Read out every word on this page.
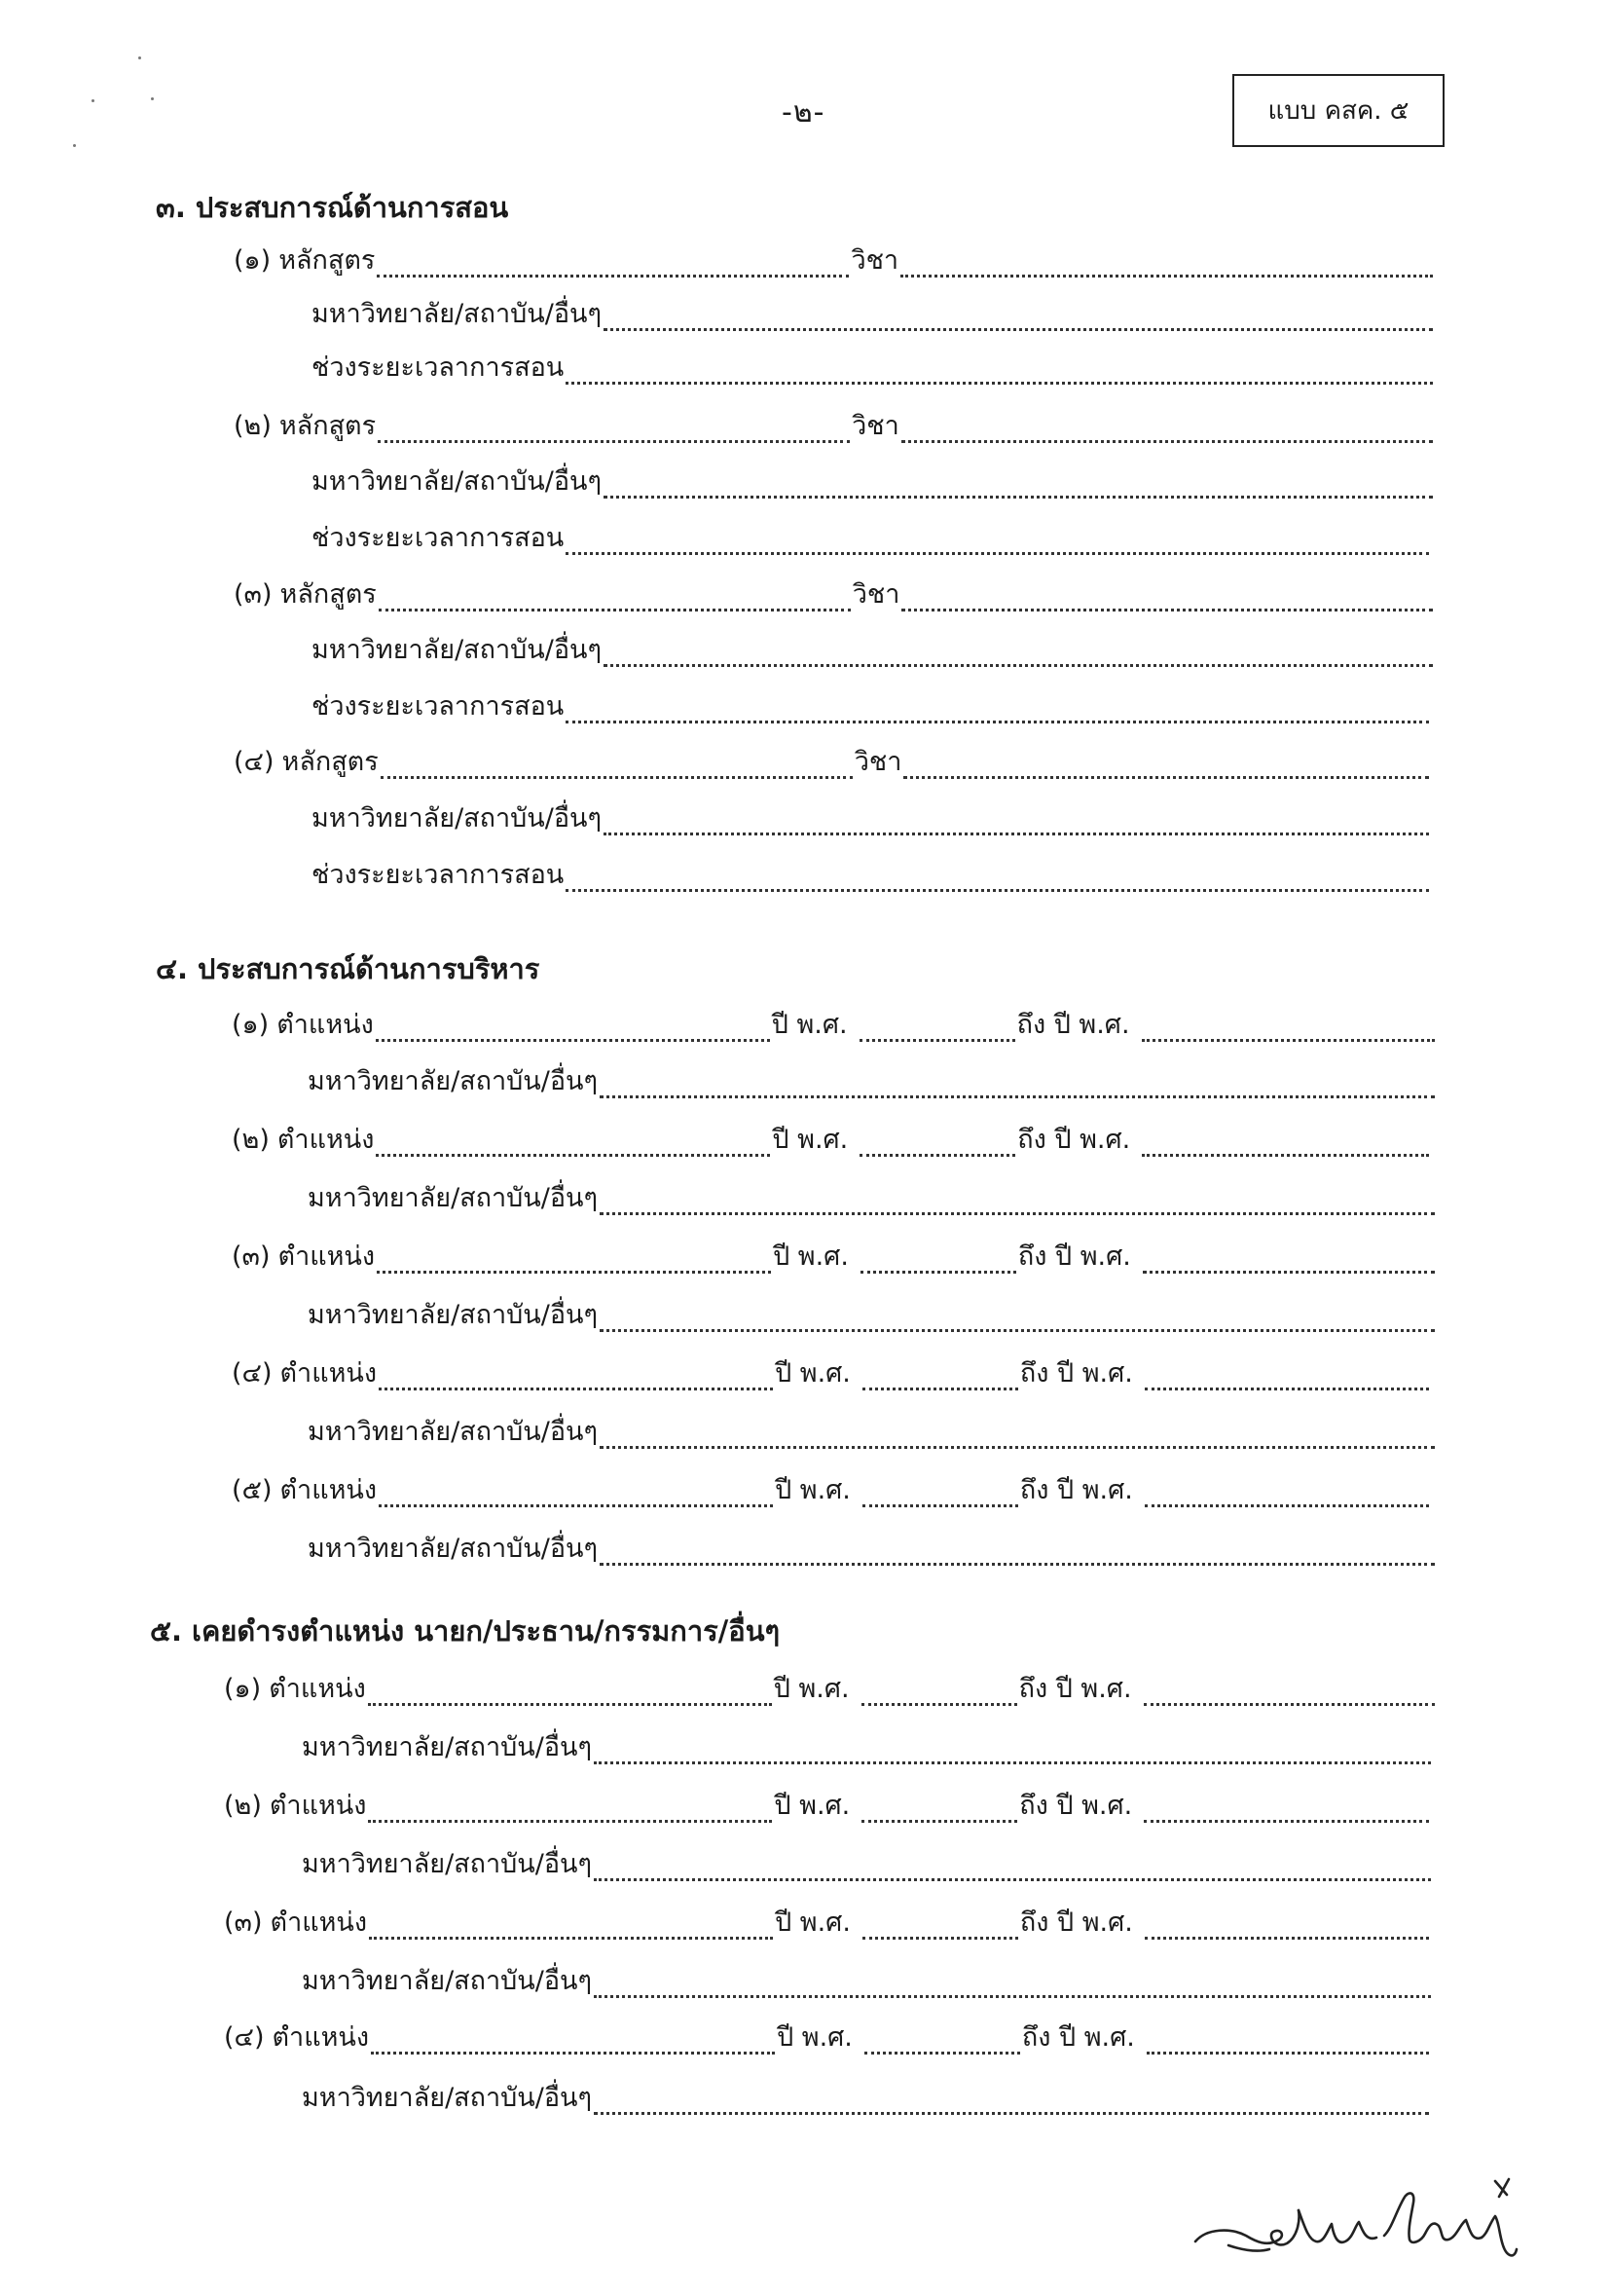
-๒-	แบบ คสค. ๕
๓. ประสบการณ์ด้านการสอน
(๑) หลักสูตร	วิชา
มหาวิทยาลัย/สถาบัน/อื่นๆ
ช่วงระยะเวลาการสอน
(๒) หลักสูตร	วิชา
มหาวิทยาลัย/สถาบัน/อื่นๆ
ช่วงระยะเวลาการสอน
(๓) หลักสูตร	วิชา
มหาวิทยาลัย/สถาบัน/อื่นๆ
ช่วงระยะเวลาการสอน
(๔) หลักสูตร	วิชา
มหาวิทยาลัย/สถาบัน/อื่นๆ
ช่วงระยะเวลาการสอน
๔. ประสบการณ์ด้านการบริหาร
(๑) ตำแหน่ง	ปี พ.ศ.	ถึง ปี พ.ศ.
มหาวิทยาลัย/สถาบัน/อื่นๆ
(๒) ตำแหน่ง	ปี พ.ศ.	ถึง ปี พ.ศ.
มหาวิทยาลัย/สถาบัน/อื่นๆ
(๓) ตำแหน่ง	ปี พ.ศ.	ถึง ปี พ.ศ.
มหาวิทยาลัย/สถาบัน/อื่นๆ
(๔) ตำแหน่ง	ปี พ.ศ.	ถึง ปี พ.ศ.
มหาวิทยาลัย/สถาบัน/อื่นๆ
(๕) ตำแหน่ง	ปี พ.ศ.	ถึง ปี พ.ศ.
มหาวิทยาลัย/สถาบัน/อื่นๆ
๕. เคยดำรงตำแหน่ง นายก/ประธาน/กรรมการ/อื่นๆ
(๑) ตำแหน่ง	ปี พ.ศ.	ถึง ปี พ.ศ.
มหาวิทยาลัย/สถาบัน/อื่นๆ
(๒) ตำแหน่ง	ปี พ.ศ.	ถึง ปี พ.ศ.
มหาวิทยาลัย/สถาบัน/อื่นๆ
(๓) ตำแหน่ง	ปี พ.ศ.	ถึง ปี พ.ศ.
มหาวิทยาลัย/สถาบัน/อื่นๆ
(๔) ตำแหน่ง	ปี พ.ศ.	ถึง ปี พ.ศ.
มหาวิทยาลัย/สถาบัน/อื่นๆ
